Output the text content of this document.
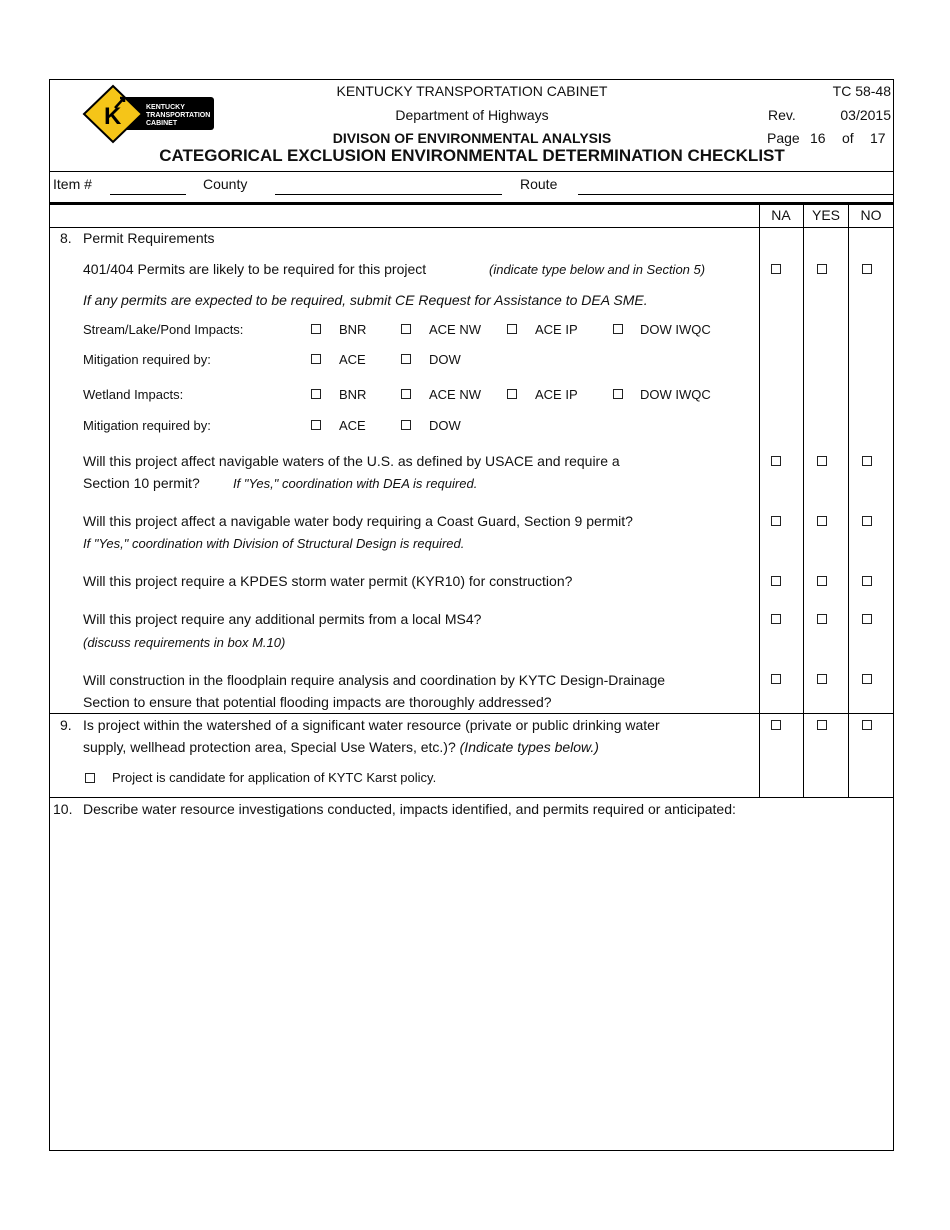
K	KENTUCKY
TRANSPORTATION
CABINET
KENTUCKY TRANSPORTATION CABINET
Department of Highways
DIVISON OF ENVIRONMENTAL ANALYSIS
CATEGORICAL EXCLUSION ENVIRONMENTAL DETERMINATION CHECKLIST
TC 58-48
Rev.	03/2015
Page 16 of 17
Item #	County	Route
NA	YES	NO
8. Permit Requirements
401/404 Permits are likely to be required for this project	(indicate type below and in Section 5)
If any permits are expected to be required, submit CE Request for Assistance to DEA SME.
Stream/Lake/Pond Impacts:	BNR	ACE NW	ACE IP	DOW IWQC
Mitigation required by:	ACE	DOW
Wetland Impacts:	BNR	ACE NW	ACE IP	DOW IWQC
Mitigation required by:	ACE	DOW
Will this project affect navigable waters of the U.S. as defined by USACE and require a
Section 10 permit?	If "Yes," coordination with DEA is required.
Will this project affect a navigable water body requiring a Coast Guard, Section 9 permit?
If "Yes," coordination with Division of Structural Design is required.
Will this project require a KPDES storm water permit (KYR10) for construction?
Will this project require any additional permits from a local MS4?
(discuss requirements in box M.10)
Will construction in the floodplain require analysis and coordination by KYTC Design-Drainage
Section to ensure that potential flooding impacts are thoroughly addressed?
9. Is project within the watershed of a significant water resource (private or public drinking water
supply, wellhead protection area, Special Use Waters, etc.)? (Indicate types below.)
Project is candidate for application of KYTC Karst policy.
10. Describe water resource investigations conducted, impacts identified, and permits required or anticipated:
